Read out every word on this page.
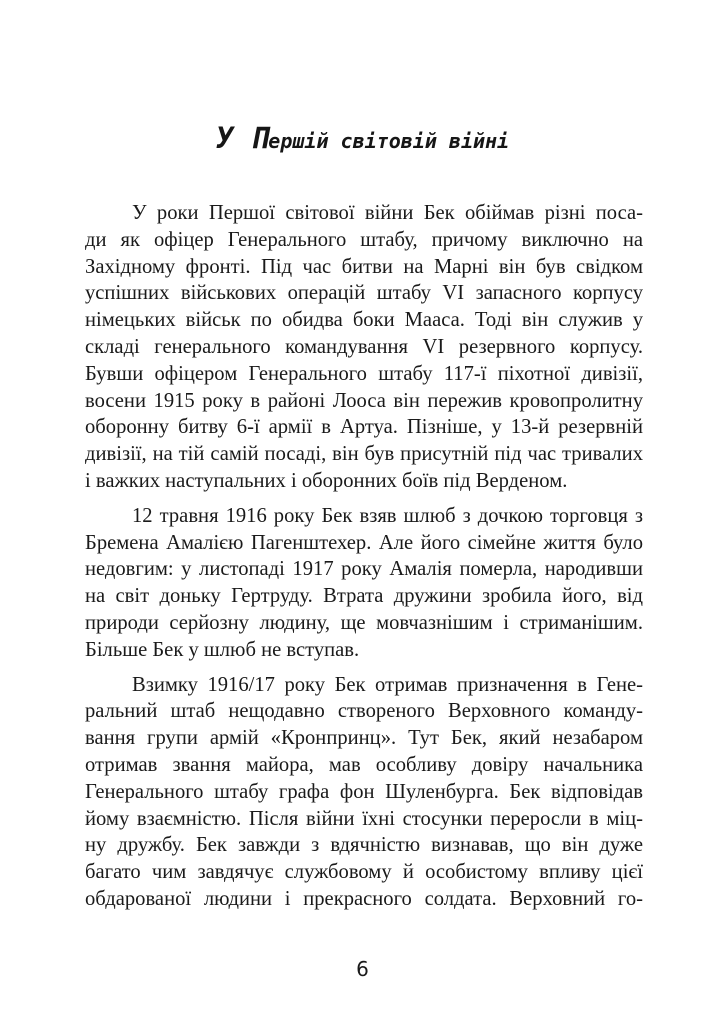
У Першій світовій війні
У роки Першої світової війни Бек обіймав різні поса-
ди як офіцер Генерального штабу, причому виключно на
Західному фронті. Під час битви на Марні він був свідком
успішних військових операцій штабу VI запасного корпусу
німецьких військ по обидва боки Мааса. Тоді він служив у
складі генерального командування VI резервного корпусу.
Бувши офіцером Генерального штабу 117-ї піхотної дивізії,
восени 1915 року в районі Лооса він пережив кровопролитну
оборонну битву 6-ї армії в Артуа. Пізніше, у 13-й резервній
дивізії, на тій самій посаді, він був присутній під час тривалих
і важких наступальних і оборонних боїв під Верденом.
12 травня 1916 року Бек взяв шлюб з дочкою торговця з
Бремена Амалією Пагенштехер. Але його сімейне життя було
недовгим: у листопаді 1917 року Амалія померла, народивши
на світ доньку Гертруду. Втрата дружини зробила його, від
природи серйозну людину, ще мовчазнішим і стриманішим.
Більше Бек у шлюб не вступав.
Взимку 1916/17 року Бек отримав призначення в Гене-
ральний штаб нещодавно створеного Верховного команду-
вання групи армій «Кронпринц». Тут Бек, який незабаром
отримав звання майора, мав особливу довіру начальника
Генерального штабу графа фон Шуленбурга. Бек відповідав
йому взаємністю. Після війни їхні стосунки переросли в міц-
ну дружбу. Бек завжди з вдячністю визнавав, що він дуже
багато чим завдячує службовому й особистому впливу цієї
обдарованої людини і прекрасного солдата. Верховний го-
6
